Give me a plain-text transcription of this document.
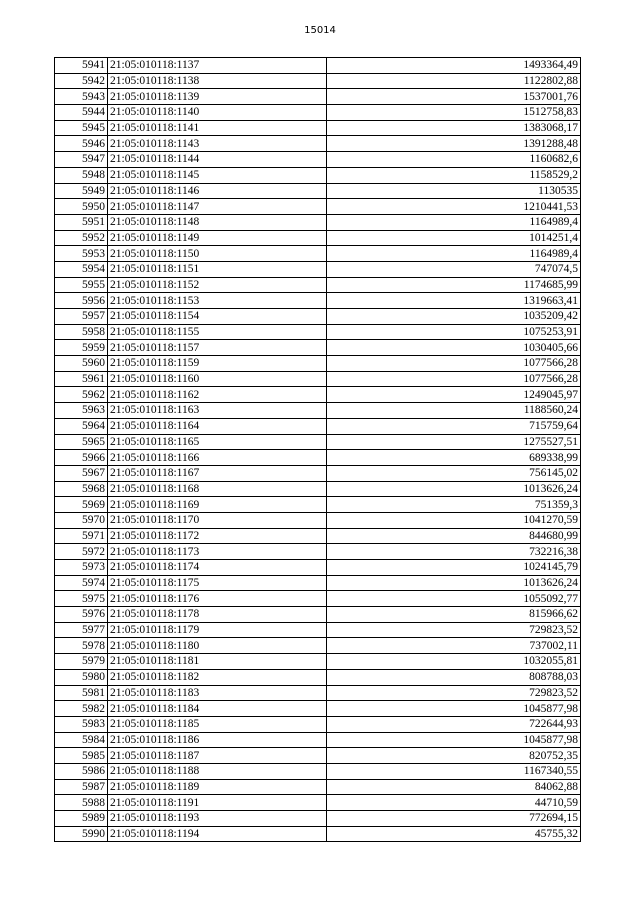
15014
5941	21:05:010118:1137	1493364,49
5942	21:05:010118:1138	1122802,88
5943	21:05:010118:1139	1537001,76
5944	21:05:010118:1140	1512758,83
5945	21:05:010118:1141	1383068,17
5946	21:05:010118:1143	1391288,48
5947	21:05:010118:1144	1160682,6
5948	21:05:010118:1145	1158529,2
5949	21:05:010118:1146	1130535
5950	21:05:010118:1147	1210441,53
5951	21:05:010118:1148	1164989,4
5952	21:05:010118:1149	1014251,4
5953	21:05:010118:1150	1164989,4
5954	21:05:010118:1151	747074,5
5955	21:05:010118:1152	1174685,99
5956	21:05:010118:1153	1319663,41
5957	21:05:010118:1154	1035209,42
5958	21:05:010118:1155	1075253,91
5959	21:05:010118:1157	1030405,66
5960	21:05:010118:1159	1077566,28
5961	21:05:010118:1160	1077566,28
5962	21:05:010118:1162	1249045,97
5963	21:05:010118:1163	1188560,24
5964	21:05:010118:1164	715759,64
5965	21:05:010118:1165	1275527,51
5966	21:05:010118:1166	689338,99
5967	21:05:010118:1167	756145,02
5968	21:05:010118:1168	1013626,24
5969	21:05:010118:1169	751359,3
5970	21:05:010118:1170	1041270,59
5971	21:05:010118:1172	844680,99
5972	21:05:010118:1173	732216,38
5973	21:05:010118:1174	1024145,79
5974	21:05:010118:1175	1013626,24
5975	21:05:010118:1176	1055092,77
5976	21:05:010118:1178	815966,62
5977	21:05:010118:1179	729823,52
5978	21:05:010118:1180	737002,11
5979	21:05:010118:1181	1032055,81
5980	21:05:010118:1182	808788,03
5981	21:05:010118:1183	729823,52
5982	21:05:010118:1184	1045877,98
5983	21:05:010118:1185	722644,93
5984	21:05:010118:1186	1045877,98
5985	21:05:010118:1187	820752,35
5986	21:05:010118:1188	1167340,55
5987	21:05:010118:1189	84062,88
5988	21:05:010118:1191	44710,59
5989	21:05:010118:1193	772694,15
5990	21:05:010118:1194	45755,32
